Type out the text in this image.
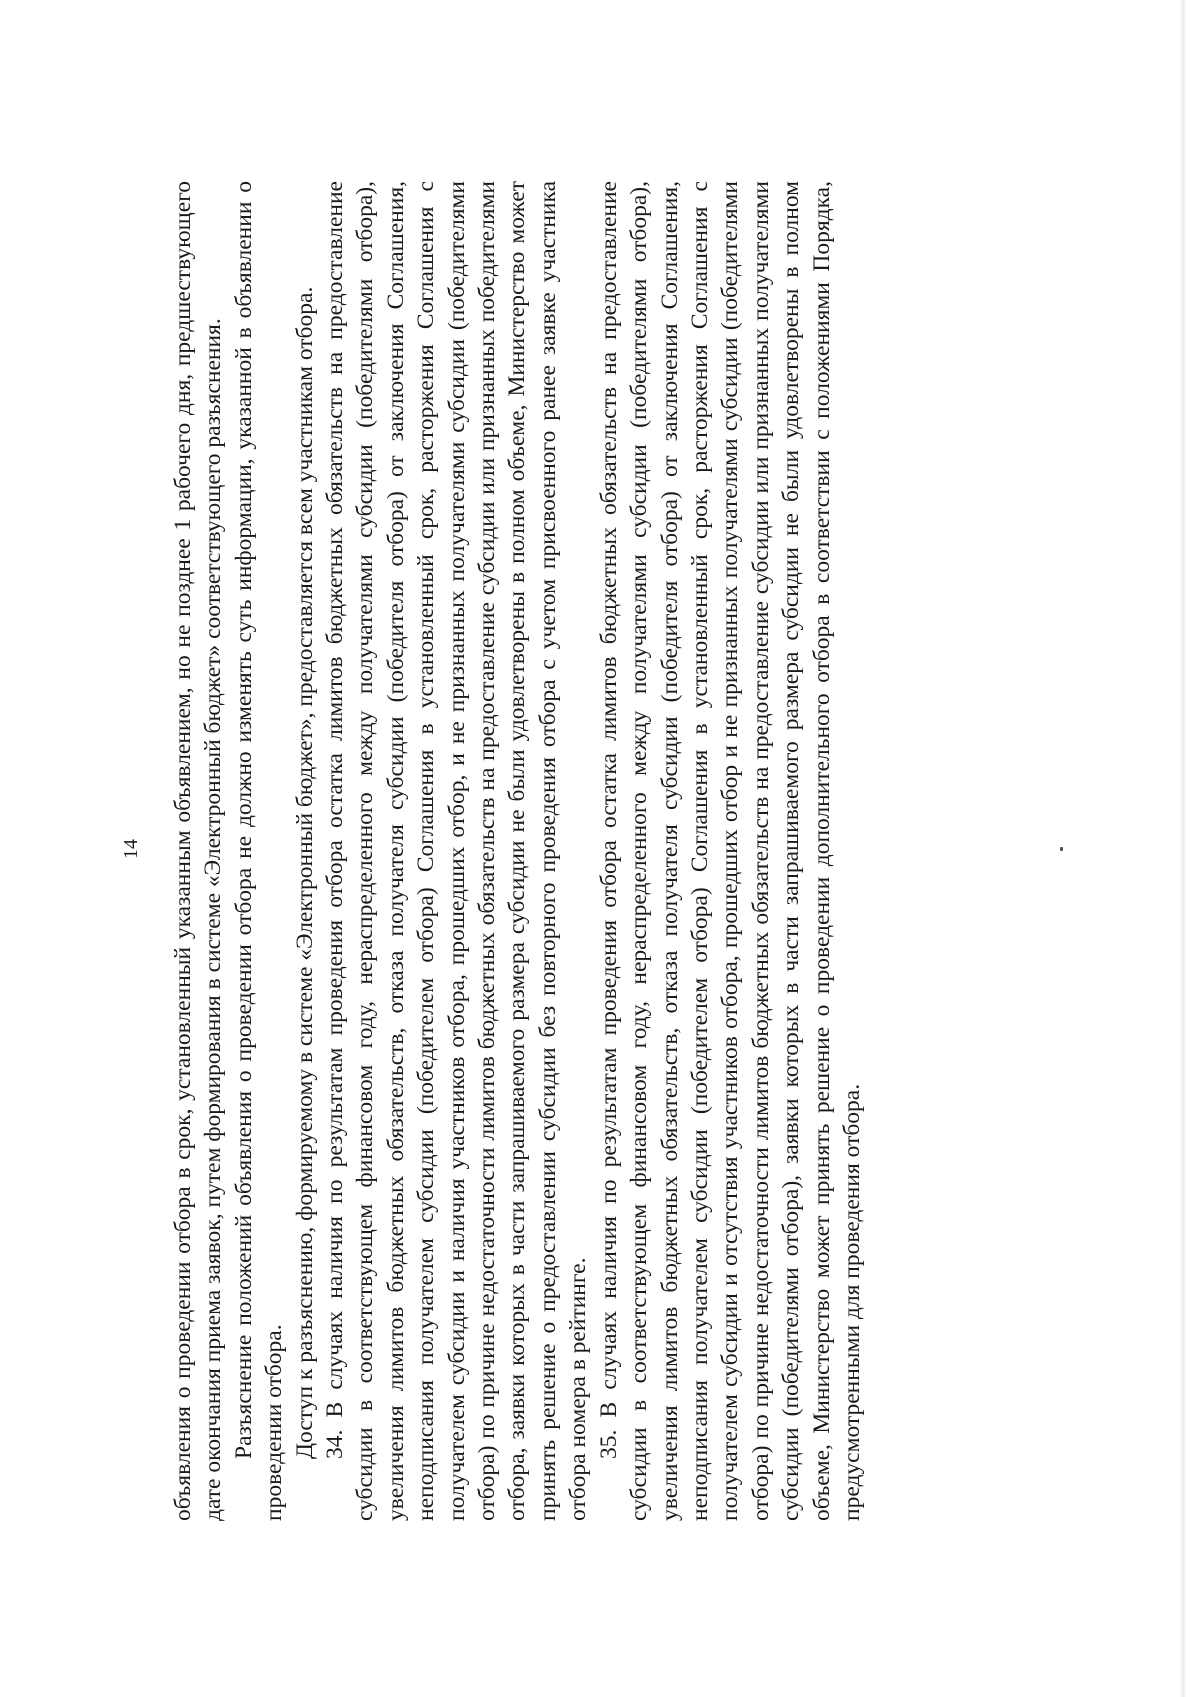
14 объявления о проведении отбора в срок, установленный указанным объявлением, но не позднее 1 рабочего дня, предшествующего дате окончания приема заявок, путем формирования в системе «Электронный бюджет» соответствующего разъяснения. Разъяснение положений объявления о проведении отбора не должно изменять суть информации, указанной в объявлении о проведении отбора. Доступ к разъяснению, формируемому в системе «Электронный бюджет», предоставляется всем участникам отбора. 34. В случаях наличия по результатам проведения отбора остатка лимитов бюджетных обязательств на предоставление субсидии в соответствующем финансовом году, нераспределенного между получателями субсидии (победителями отбора), увеличения лимитов бюджетных обязательств, отказа получателя субсидии (победителя отбора) от заключения Соглашения, неподписания получателем субсидии (победителем отбора) Соглашения в установленный срок, расторжения Соглашения с получателем субсидии и наличия участников отбора, прошедших отбор, и не признанных получателями субсидии (победителями отбора) по причине недостаточности лимитов бюджетных обязательств на предоставление субсидии или признанных победителями отбора, заявки которых в части запрашиваемого размера субсидии не были удовлетворены в полном объеме, Министерство может принять решение о предоставлении субсидии без повторного проведения отбора с учетом присвоенного ранее заявке участника отбора номера в рейтинге. 35. В случаях наличия по результатам проведения отбора остатка лимитов бюджетных обязательств на предоставление субсидии в соответствующем финансовом году, нераспределенного между получателями субсидии (победителями отбора), увеличения лимитов бюджетных обязательств, отказа получателя субсидии (победителя отбора) от заключения Соглашения, неподписания получателем субсидии (победителем отбора) Соглашения в установленный срок, расторжения Соглашения с получателем субсидии и отсутствия участников отбора, прошедших отбор и не признанных получателями субсидии (победителями отбора) по причине недостаточности лимитов бюджетных обязательств на предоставление субсидии или признанных получателями субсидии (победителями отбора), заявки которых в части запрашиваемого размера субсидии не были удовлетворены в полном объеме, Министерство может принять решение о проведении дополнительного отбора в соответствии с положениями Порядка, предусмотренными для проведения отбора.
